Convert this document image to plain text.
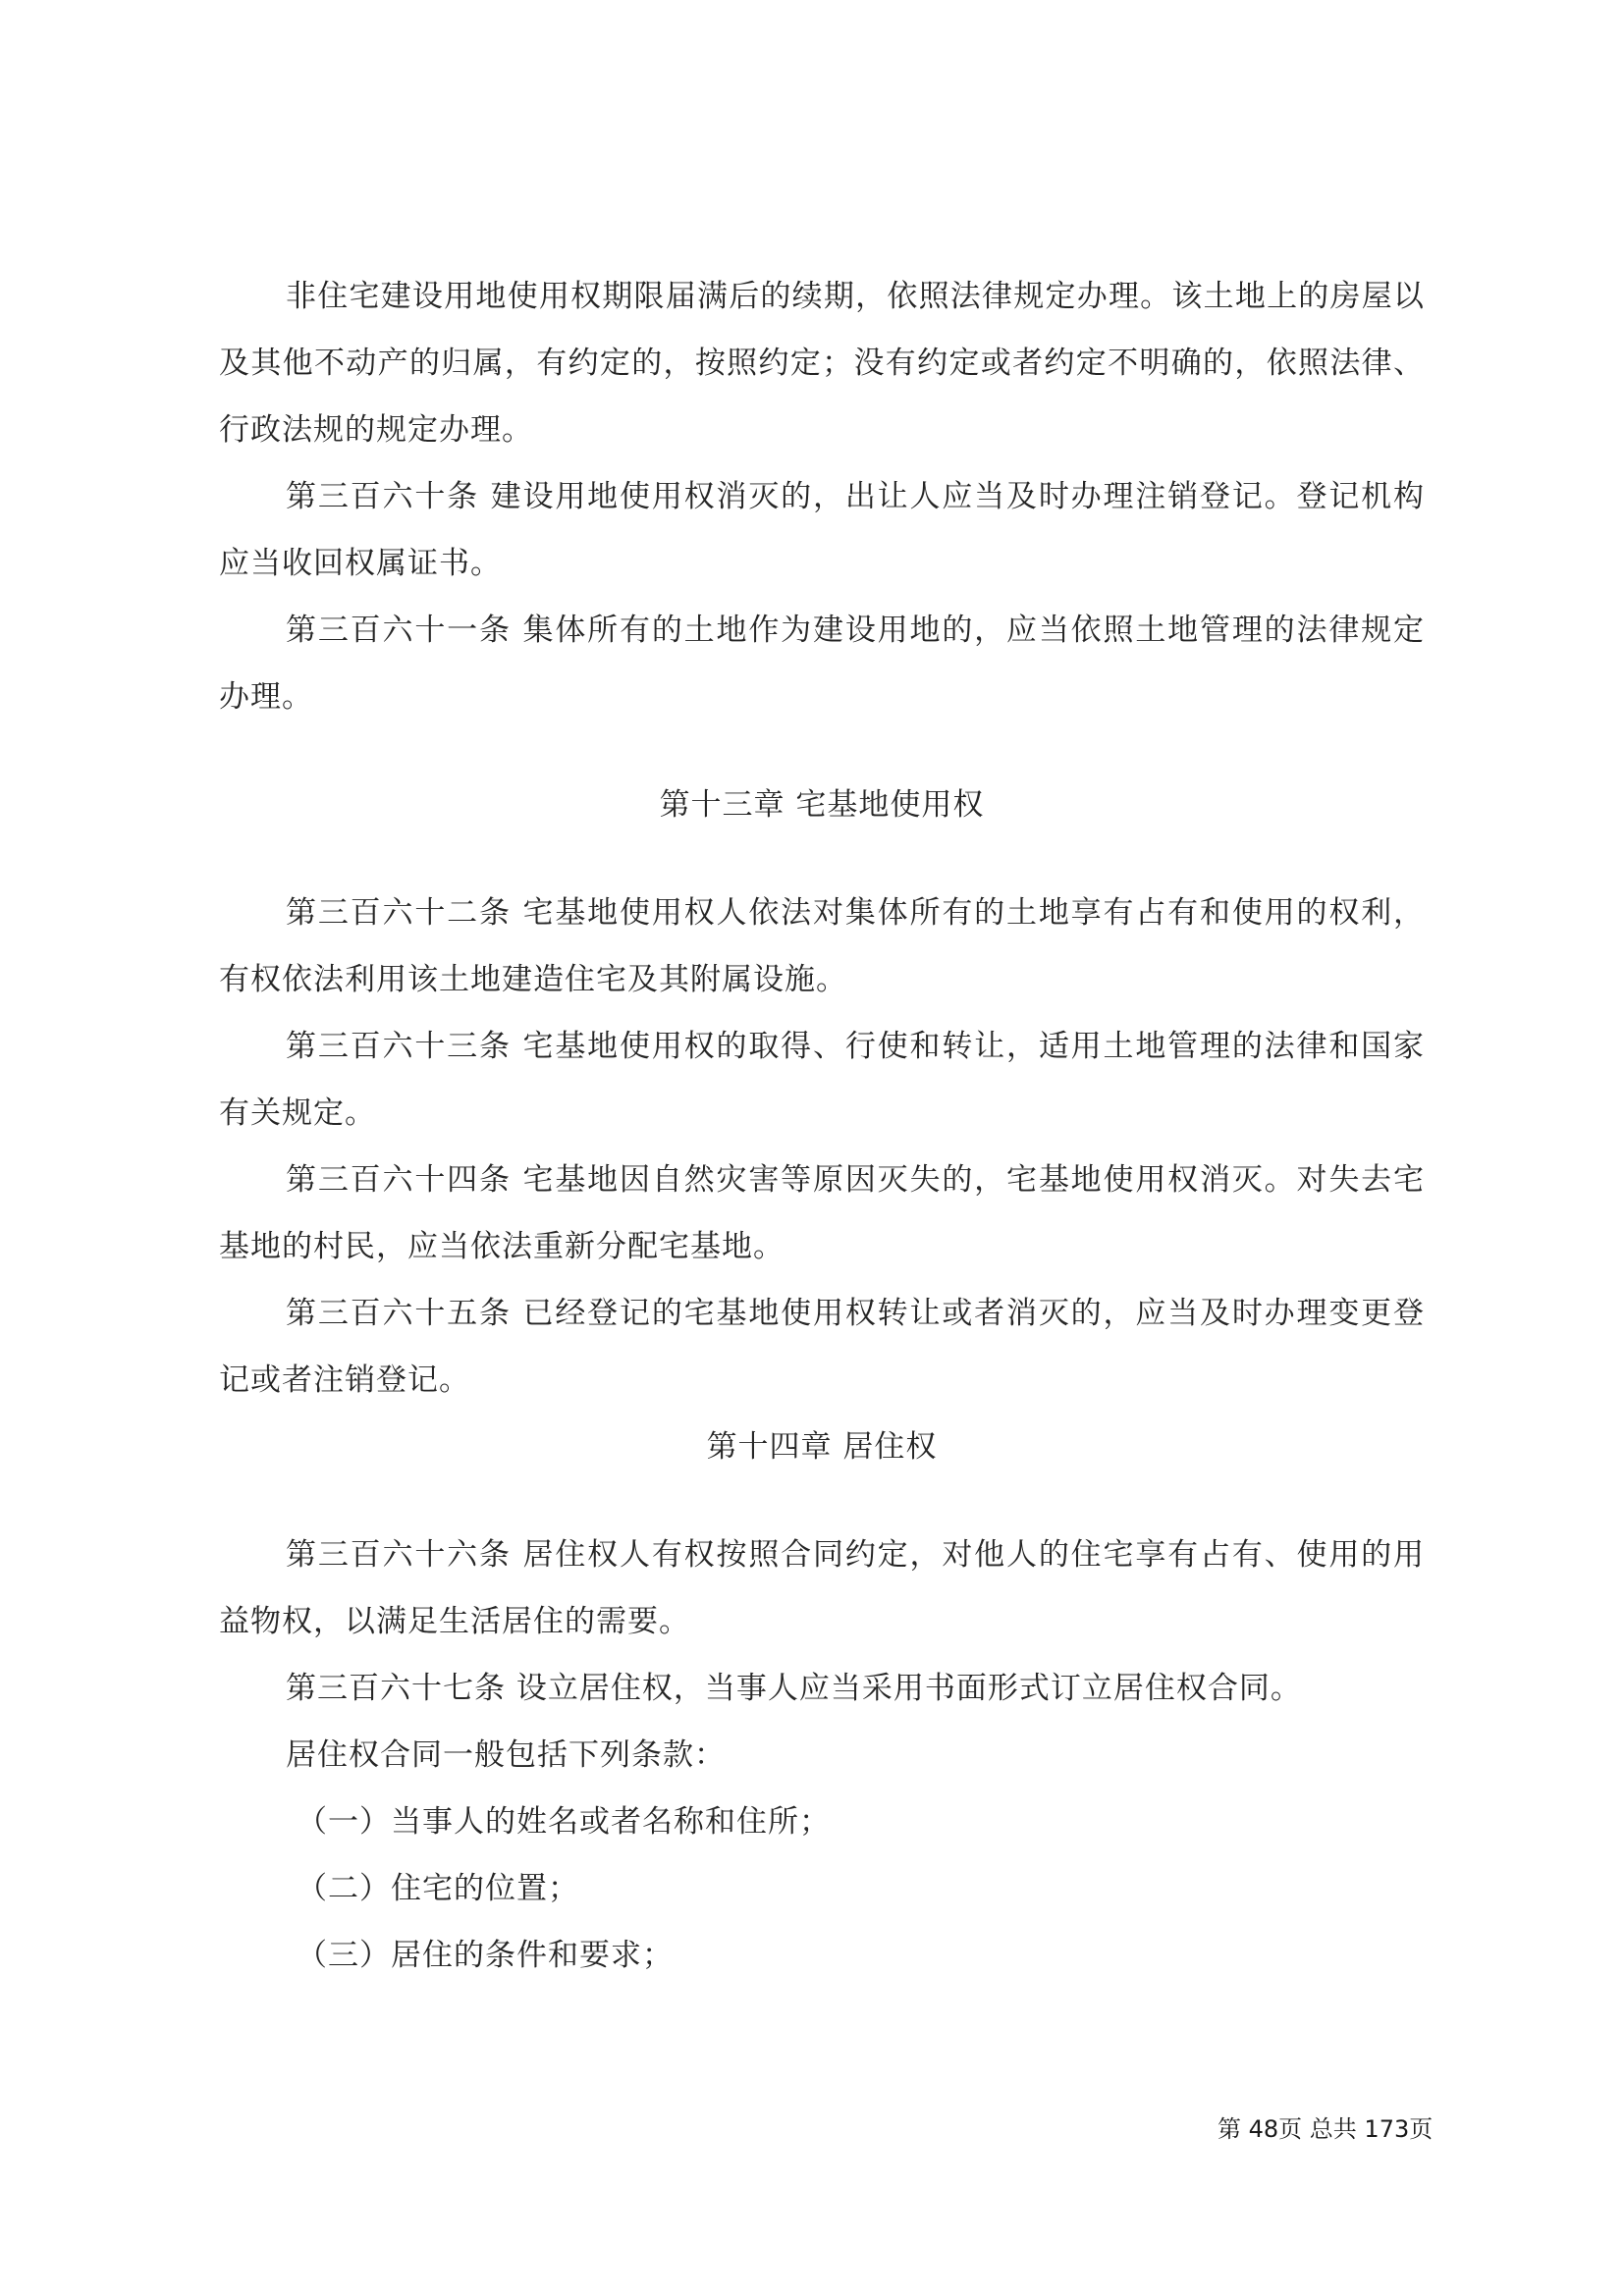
非住宅建设用地使用权期限届满后的续期，依照法律规定办理。该土地上的房屋以及其他不动产的归属，有约定的，按照约定；没有约定或者约定不明确的，依照法律、行政法规的规定办理。

第三百六十条 建设用地使用权消灭的，出让人应当及时办理注销登记。登记机构应当收回权属证书。

第三百六十一条 集体所有的土地作为建设用地的，应当依照土地管理的法律规定办理。

第十三章 宅基地使用权

第三百六十二条 宅基地使用权人依法对集体所有的土地享有占有和使用的权利，有权依法利用该土地建造住宅及其附属设施。

第三百六十三条 宅基地使用权的取得、行使和转让，适用土地管理的法律和国家有关规定。

第三百六十四条 宅基地因自然灾害等原因灭失的，宅基地使用权消灭。对失去宅基地的村民，应当依法重新分配宅基地。

第三百六十五条 已经登记的宅基地使用权转让或者消灭的，应当及时办理变更登记或者注销登记。

第十四章 居住权

第三百六十六条 居住权人有权按照合同约定，对他人的住宅享有占有、使用的用益物权，以满足生活居住的需要。

第三百六十七条 设立居住权，当事人应当采用书面形式订立居住权合同。

居住权合同一般包括下列条款：

（一）当事人的姓名或者名称和住所；

（二）住宅的位置；

（三）居住的条件和要求；

第 48页 总共 173页
